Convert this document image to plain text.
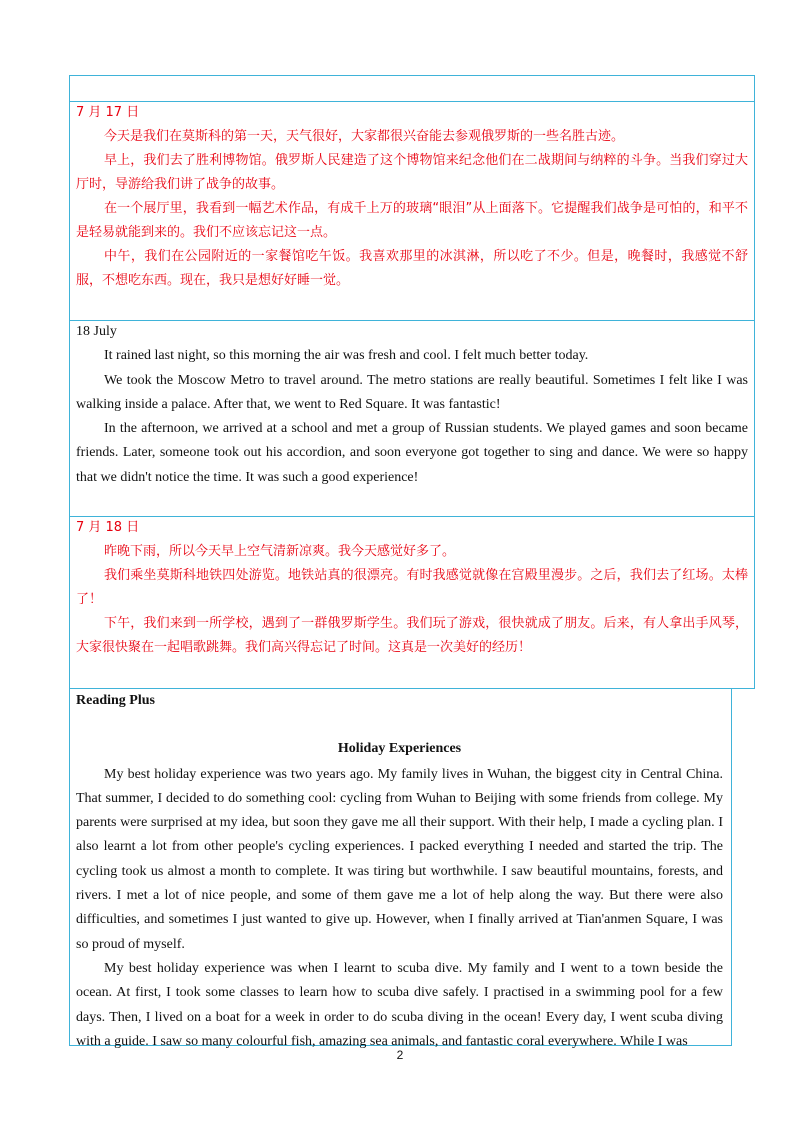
7 月 17 日

今天是我们在莫斯科的第一天，天气很好，大家都很兴奋能去参观俄罗斯的一些名胜古迹。

早上，我们去了胜利博物馆。俄罗斯人民建造了这个博物馆来纪念他们在二战期间与纳粹的斗争。当我们穿过大厅时，导游给我们讲了战争的故事。

在一个展厅里，我看到一幅艺术作品，有成千上万的玻璃“眼泪”从上面落下。它提醒我们战争是可怕的，和平不是轻易就能到来的。我们不应该忘记这一点。

中午，我们在公园附近的一家餐馆吃午饭。我喜欢那里的冰淇淋，所以吃了不少。但是，晚餐时，我感觉不舒服，不想吃东西。现在，我只是想好好睡一觉。

18 July

It rained last night, so this morning the air was fresh and cool. I felt much better today.

We took the Moscow Metro to travel around. The metro stations are really beautiful. Sometimes I felt like I was walking inside a palace. After that, we went to Red Square. It was fantastic!

In the afternoon, we arrived at a school and met a group of Russian students. We played games and soon became friends. Later, someone took out his accordion, and soon everyone got together to sing and dance. We were so happy that we didn't notice the time. It was such a good experience!

7 月 18 日

昨晚下雨，所以今天早上空气清新凉爽。我今天感觉好多了。

我们乘坐莫斯科地铁四处游览。地铁站真的很漂亮。有时我感觉就像在宫殿里漫步。之后，我们去了红场。太棒了！

下午，我们来到一所学校，遇到了一群俄罗斯学生。我们玩了游戏，很快就成了朋友。后来，有人拿出手风琴，大家很快聚在一起唱歌跳舞。我们高兴得忘记了时间。这真是一次美好的经历！

Reading Plus
Holiday Experiences

My best holiday experience was two years ago. My family lives in Wuhan, the biggest city in Central China. That summer, I decided to do something cool: cycling from Wuhan to Beijing with some friends from college. My parents were surprised at my idea, but soon they gave me all their support. With their help, I made a cycling plan. I also learnt a lot from other people's cycling experiences. I packed everything I needed and started the trip. The cycling took us almost a month to complete. It was tiring but worthwhile. I saw beautiful mountains, forests, and rivers. I met a lot of nice people, and some of them gave me a lot of help along the way. But there were also difficulties, and sometimes I just wanted to give up. However, when I finally arrived at Tian'anmen Square, I was so proud of myself.

My best holiday experience was when I learnt to scuba dive. My family and I went to a town beside the ocean. At first, I took some classes to learn how to scuba dive safely. I practised in a swimming pool for a few days. Then, I lived on a boat for a week in order to do scuba diving in the ocean! Every day, I went scuba diving with a guide. I saw so many colourful fish, amazing sea animals, and fantastic coral everywhere. While I was

2
